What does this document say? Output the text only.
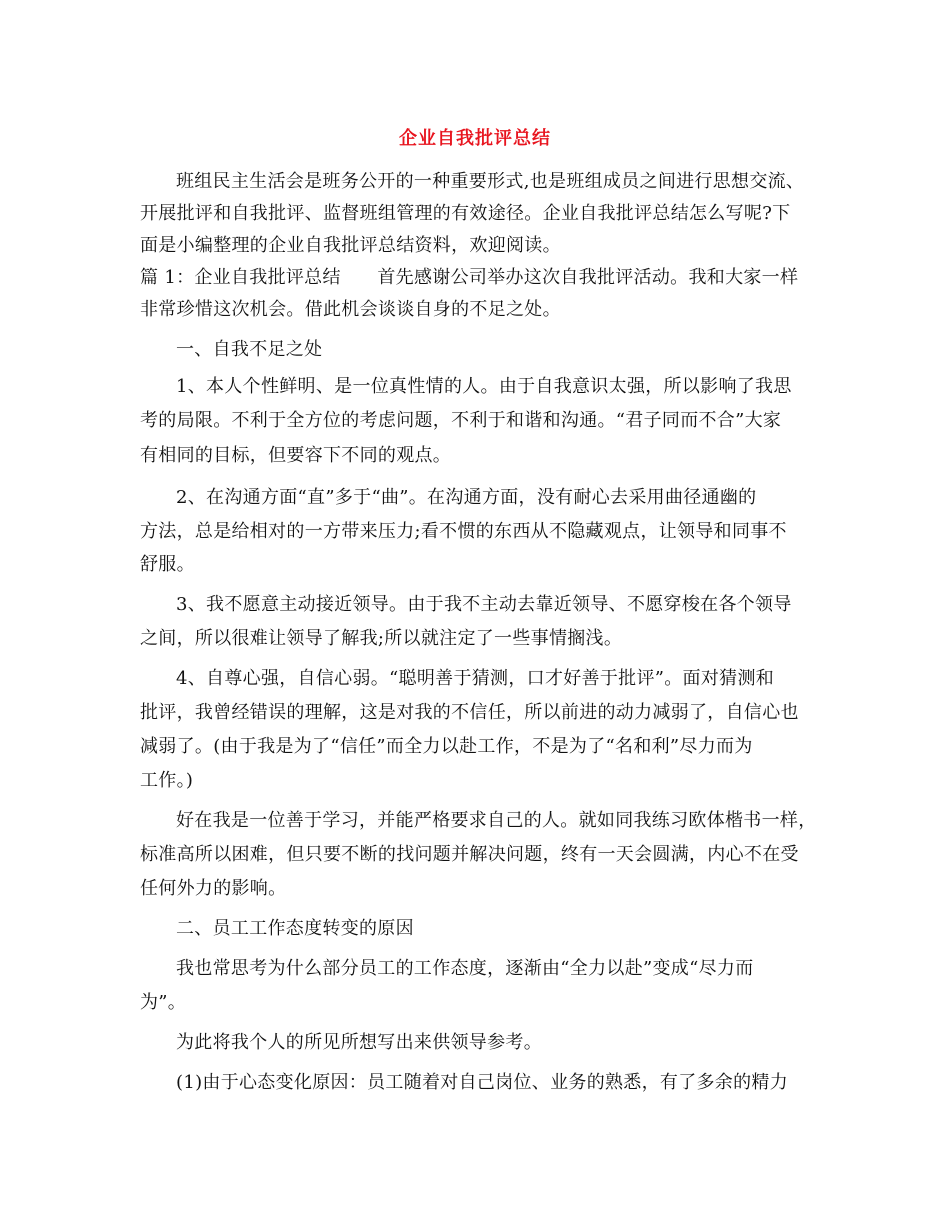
企业自我批评总结
班组民主生活会是班务公开的一种重要形式,也是班组成员之间进行思想交流、
开展批评和自我批评、监督班组管理的有效途径。企业自我批评总结怎么写呢?下
面是小编整理的企业自我批评总结资料，欢迎阅读。
篇 1：企业自我批评总结　　首先感谢公司举办这次自我批评活动。我和大家一样
非常珍惜这次机会。借此机会谈谈自身的不足之处。
一、自我不足之处
1、本人个性鲜明、是一位真性情的人。由于自我意识太强，所以影响了我思
考的局限。不利于全方位的考虑问题，不利于和谐和沟通。“君子同而不合”大家
有相同的目标，但要容下不同的观点。
2、在沟通方面“直”多于“曲”。在沟通方面，没有耐心去采用曲径通幽的
方法，总是给相对的一方带来压力;看不惯的东西从不隐藏观点，让领导和同事不
舒服。
3、我不愿意主动接近领导。由于我不主动去靠近领导、不愿穿梭在各个领导
之间，所以很难让领导了解我;所以就注定了一些事情搁浅。
4、自尊心强，自信心弱。“聪明善于猜测，口才好善于批评”。面对猜测和
批评，我曾经错误的理解，这是对我的不信任，所以前进的动力减弱了，自信心也
减弱了。(由于我是为了“信任”而全力以赴工作，不是为了“名和利”尽力而为
工作。)
好在我是一位善于学习，并能严格要求自己的人。就如同我练习欧体楷书一样，
标准高所以困难，但只要不断的找问题并解决问题，终有一天会圆满，内心不在受
任何外力的影响。
二、员工工作态度转变的原因
我也常思考为什么部分员工的工作态度，逐渐由“全力以赴”变成“尽力而
为”。
为此将我个人的所见所想写出来供领导参考。
(1)由于心态变化原因：员工随着对自己岗位、业务的熟悉，有了多余的精力
